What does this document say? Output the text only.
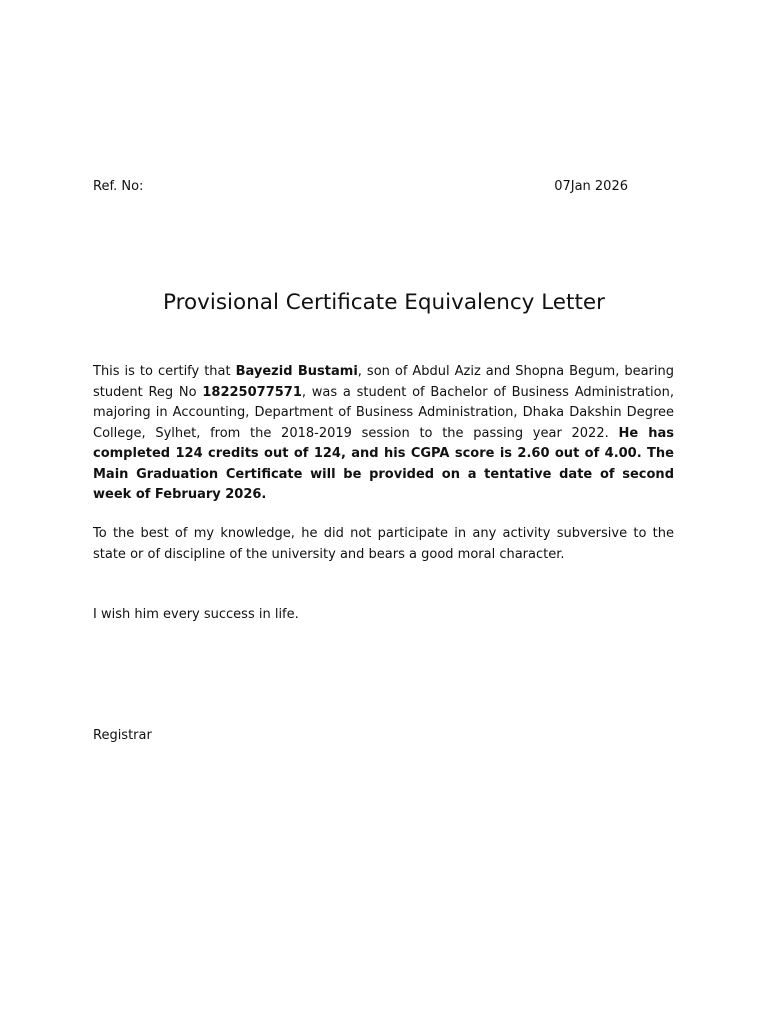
Ref. No:	07Jan 2026
Provisional Certificate Equivalency Letter

This is to certify that Bayezid Bustami, son of Abdul Aziz and Shopna Begum, bearing student Reg No 18225077571, was a student of Bachelor of Business Administration, majoring in Accounting, Department of Business Administration, Dhaka Dakshin Degree College, Sylhet, from the 2018-2019 session to the passing year 2022. He has completed 124 credits out of 124, and his CGPA score is 2.60 out of 4.00. The Main Graduation Certificate will be provided on a tentative date of second week of February 2026.

To the best of my knowledge, he did not participate in any activity subversive to the state or of discipline of the university and bears a good moral character.

I wish him every success in life.

Registrar
